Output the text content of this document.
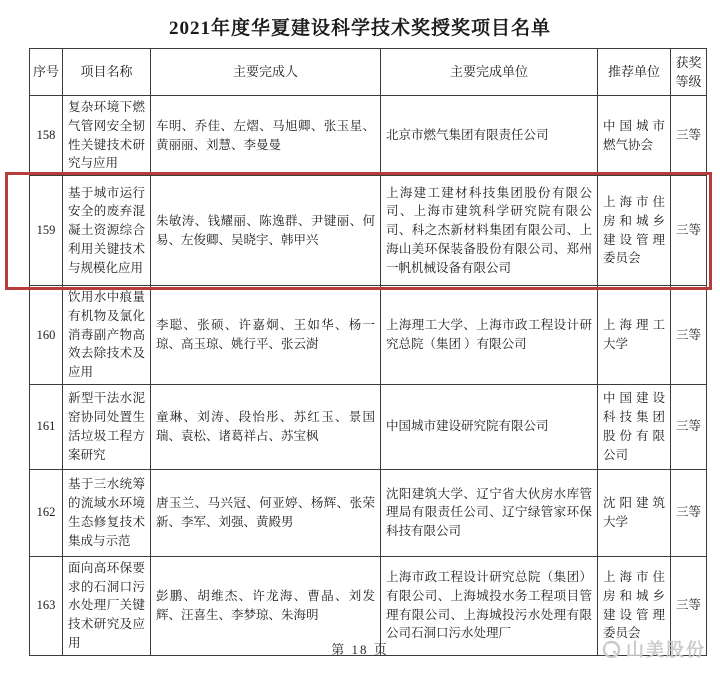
2021年度华夏建设科学技术奖授奖项目名单
序号	项目名称	主要完成人	主要完成单位	推荐单位	获奖等级
158	复杂环境下燃气管网安全韧性关键技术研究与应用	车明、乔佳、左熠、马旭卿、张玉星、黄丽丽、刘慧、李曼曼	北京市燃气集团有限责任公司	中国城市燃气协会	三等
159	基于城市运行安全的废弃混凝土资源综合利用关键技术与规模化应用	朱敏涛、钱耀丽、陈逸群、尹键丽、何易、左俊卿、吴晓宇、韩甲兴	上海建工建材科技集团股份有限公司、上海市建筑科学研究院有限公司、科之杰新材料集团有限公司、上海山美环保装备股份有限公司、郑州一帆机械设备有限公司	上海市住房和城乡建设管理委员会	三等
160	饮用水中痕量有机物及氯化消毒副产物高效去除技术及应用	李聪、张硕、许嘉炯、王如华、杨一琼、高玉琼、姚行平、张云澍	上海理工大学、上海市政工程设计研究总院（集团 ）有限公司	上海理工大学	三等
161	新型干法水泥窑协同处置生活垃圾工程方案研究	童琳、刘涛、段怡彤、苏红玉、景国瑞、袁松、诸葛祥占、苏宝枫	中国城市建设研究院有限公司	中国建设科技集团股份有限公司	三等
162	基于三水统筹的流域水环境生态修复技术集成与示范	唐玉兰、马兴冠、何亚婷、杨辉、张荣新、李军、刘强、黄殿男	沈阳建筑大学、辽宁省大伙房水库管理局有限责任公司、辽宁绿管家环保科技有限公司	沈阳建筑大学	三等
163	面向高环保要求的石洞口污水处理厂关键技术研究及应用	彭鹏、胡维杰、许龙海、曹晶、刘发辉、汪喜生、李梦琼、朱海明	上海市政工程设计研究总院（集团）有限公司、上海城投水务工程项目管理有限公司、上海城投污水处理有限公司石洞口污水处理厂	上海市住房和城乡建设管理委员会	三等
第 18 页	山美股份
